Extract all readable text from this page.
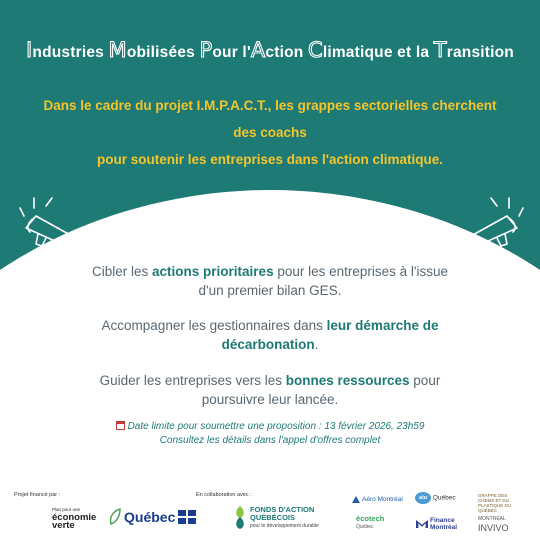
Industries Mobilisées Pour l'Action Climatique et la Transition
Dans le cadre du projet I.M.P.A.C.T., les grappes sectorielles cherchent
des coachs
pour soutenir les entreprises dans l'action climatique.

Cibler les actions prioritaires pour les entreprises à l'issue
d'un premier bilan GES.

Accompagner les gestionnaires dans leur démarche de
décarbonation.

Guider les entreprises vers les bonnes ressources pour
poursuivre leur lancée.

Date limite pour soumettre une proposition : 13 février 2026, 23h59
Consultez les détails dans l'appel d'offres complet
Projet financé par :	En collaboration avec :
Plan pour une
économie
verte
Québec	FONDS D'ACTION
QUÉBÉCOIS
pour le développement durable
Aéro Montréal	alu Québec	GRAPPE DES CHEMS ET DU PLASTIQUE DU QUÉBEC
écotech
Québec
Finance
Montréal
MONTRÉAL
INVIVO
